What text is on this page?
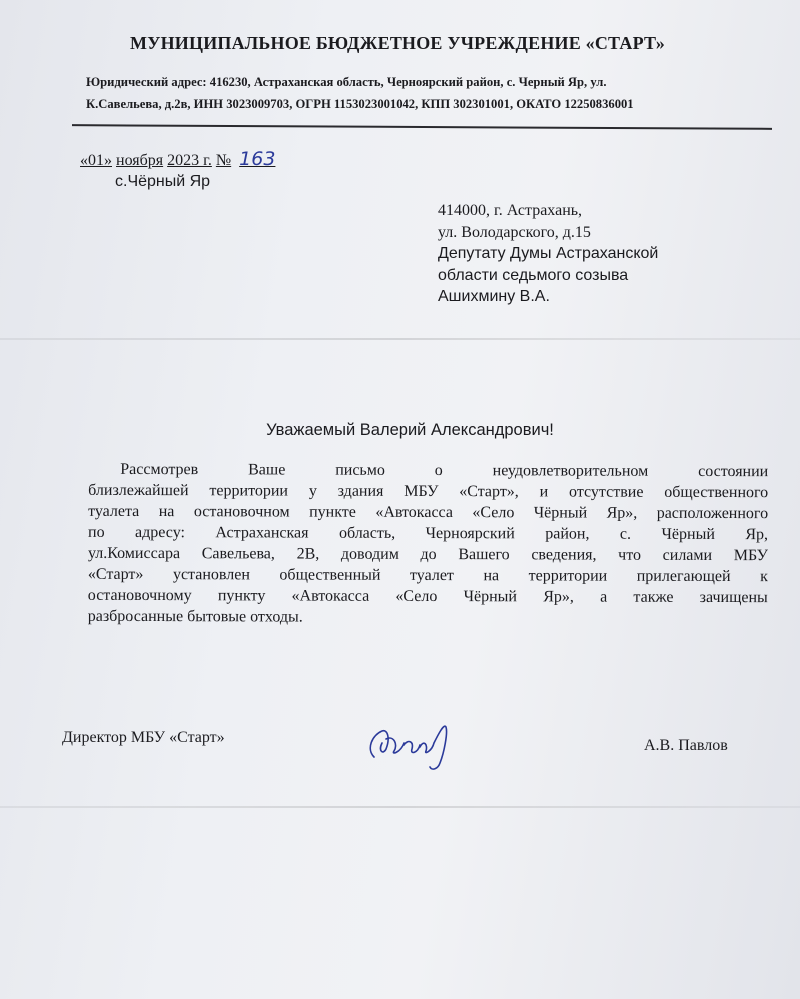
МУНИЦИПАЛЬНОЕ БЮДЖЕТНОЕ УЧРЕЖДЕНИЕ «СТАРТ»
Юридический адрес: 416230, Астраханская область, Черноярский район, с. Черный Яр, ул.
К.Савельева, д.2в, ИНН 3023009703, ОГРН 1153023001042, КПП 302301001, ОКАТО 12250836001
«01» ноября 2023 г. № 163
с.Чёрный Яр
414000, г. Астрахань,
ул. Володарского, д.15
Депутату Думы Астраханской
области седьмого созыва
Ашихмину В.А.
Уважаемый Валерий Александрович!
Рассмотрев Ваше письмо о неудовлетворительном состоянии
близлежайшей территории у здания МБУ «Старт», и отсутствие общественного
туалета на остановочном пункте «Автокасса «Село Чёрный Яр», расположенного
по адресу: Астраханская область, Черноярский район, с. Чёрный Яр,
ул.Комиссара Савельева, 2В, доводим до Вашего сведения, что силами МБУ
«Старт» установлен общественный туалет на территории прилегающей к
остановочному пункту «Автокасса «Село Чёрный Яр», а также зачищены
разбросанные бытовые отходы.
Директор МБУ «Старт»	А.В. Павлов
